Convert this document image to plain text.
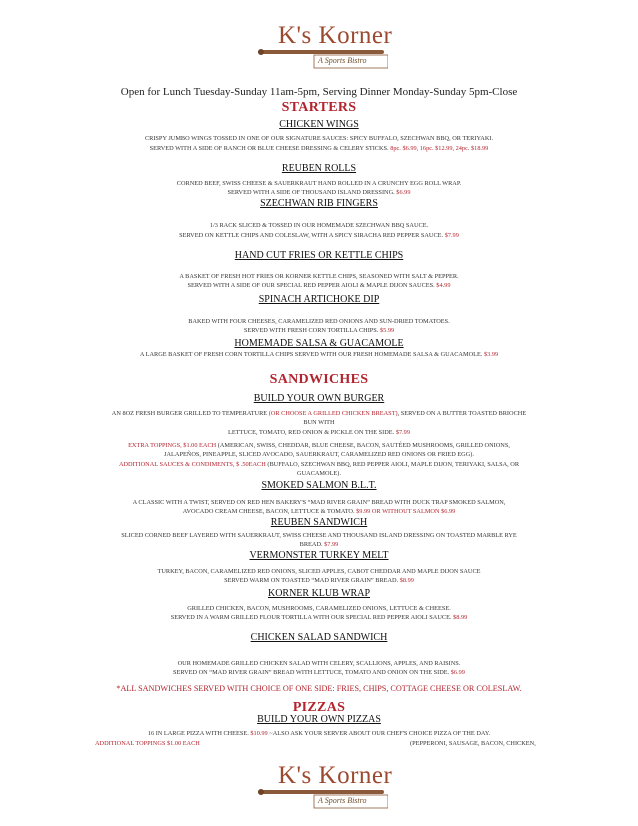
K's Korner
A Sports Bistro
Open for Lunch Tuesday-Sunday 11am-5pm, Serving Dinner Monday-Sunday 5pm-Close
STARTERS
CHICKEN WINGS
CRISPY JUMBO WINGS TOSSED IN ONE OF OUR SIGNATURE SAUCES: SPICY BUFFALO, SZECHWAN BBQ, OR TERIYAKI.
SERVED WITH A SIDE OF RANCH OR BLUE CHEESE DRESSING & CELERY STICKS. 8pc. $6.99, 16pc. $12.99, 24pc. $18.99
REUBEN ROLLS
CORNED BEEF, SWISS CHEESE & SAUERKRAUT HAND ROLLED IN A CRUNCHY EGG ROLL WRAP.
SERVED WITH A SIDE OF THOUSAND ISLAND DRESSING. $6.99
SZECHWAN RIB FINGERS
1/3 RACK SLICED & TOSSED IN OUR HOMEMADE SZECHWAN BBQ SAUCE.
SERVED ON KETTLE CHIPS AND COLESLAW, WITH A SPICY SIRACHA RED PEPPER SAUCE. $7.99
HAND CUT FRIES OR KETTLE CHIPS
A BASKET OF FRESH HOT FRIES OR KORNER KETTLE CHIPS, SEASONED WITH SALT & PEPPER.
SERVED WITH A SIDE OF OUR SPECIAL RED PEPPER AIOLI & MAPLE DIJON SAUCES. $4.99
SPINACH ARTICHOKE DIP
BAKED WITH FOUR CHEESES, CARAMELIZED RED ONIONS AND SUN-DRIED TOMATOES.
SERVED WITH FRESH CORN TORTILLA CHIPS. $5.99
HOMEMADE SALSA & GUACAMOLE
A LARGE BASKET OF FRESH CORN TORTILLA CHIPS SERVED WITH OUR FRESH HOMEMADE SALSA & GUACAMOLE. $3.99
SANDWICHES
BUILD YOUR OWN BURGER
AN 8OZ FRESH BURGER GRILLED TO TEMPERATURE (OR CHOOSE A GRILLED CHICKEN BREAST), SERVED ON A BUTTER TOASTED BRIOCHE
BUN WITH
LETTUCE, TOMATO, RED ONION & PICKLE ON THE SIDE. $7.99
EXTRA TOPPINGS, $1.00 EACH (AMERICAN, SWISS, CHEDDAR, BLUE CHEESE, BACON, SAUTÉED MUSHROOMS, GRILLED ONIONS,
JALAPEÑOS, PINEAPPLE, SLICED AVOCADO, SAUERKRAUT, CARAMELIZED RED ONIONS OR FRIED EGG).
ADDITIONAL SAUCES & CONDIMENTS, $ .50EACH (BUFFALO, SZECHWAN BBQ, RED PEPPER AIOLI, MAPLE DIJON, TERIYAKI, SALSA, OR
GUACAMOLE).
SMOKED SALMON B.L.T.
A CLASSIC WITH A TWIST, SERVED ON RED HEN BAKERY'S “MAD RIVER GRAIN” BREAD WITH DUCK TRAP SMOKED SALMON,
AVOCADO CREAM CHEESE, BACON, LETTUCE & TOMATO. $9.99 OR WITHOUT SALMON $6.99
REUBEN SANDWICH
SLICED CORNED BEEF LAYERED WITH SAUERKRAUT, SWISS CHEESE AND THOUSAND ISLAND DRESSING ON TOASTED MARBLE RYE
BREAD. $7.99
VERMONSTER TURKEY MELT
TURKEY, BACON, CARAMELIZED RED ONIONS, SLICED APPLES, CABOT CHEDDAR AND MAPLE DIJON SAUCE
SERVED WARM ON TOASTED “MAD RIVER GRAIN” BREAD. $8.99
KORNER KLUB WRAP
GRILLED CHICKEN, BACON, MUSHROOMS, CARAMELIZED ONIONS, LETTUCE & CHEESE.
SERVED IN A WARM GRILLED FLOUR TORTILLA WITH OUR SPECIAL RED PEPPER AIOLI SAUCE. $8.99
CHICKEN SALAD SANDWICH
OUR HOMEMADE GRILLED CHICKEN SALAD WITH CELERY, SCALLIONS, APPLES, AND RAISINS.
SERVED ON “MAD RIVER GRAIN” BREAD WITH LETTUCE, TOMATO AND ONION ON THE SIDE. $6.99
*ALL SANDWICHES SERVED WITH CHOICE OF ONE SIDE: FRIES, CHIPS, COTTAGE CHEESE OR COLESLAW.
PIZZAS
BUILD YOUR OWN PIZZAS
16 IN LARGE PIZZA WITH CHEESE. $10.99 ~ALSO ASK YOUR SERVER ABOUT OUR CHEF'S CHOICE PIZZA OF THE DAY.
ADDITIONAL TOPPINGS $1.00 EACH	(PEPPERONI, SAUSAGE, BACON, CHICKEN,
K's Korner
A Sports Bistro
